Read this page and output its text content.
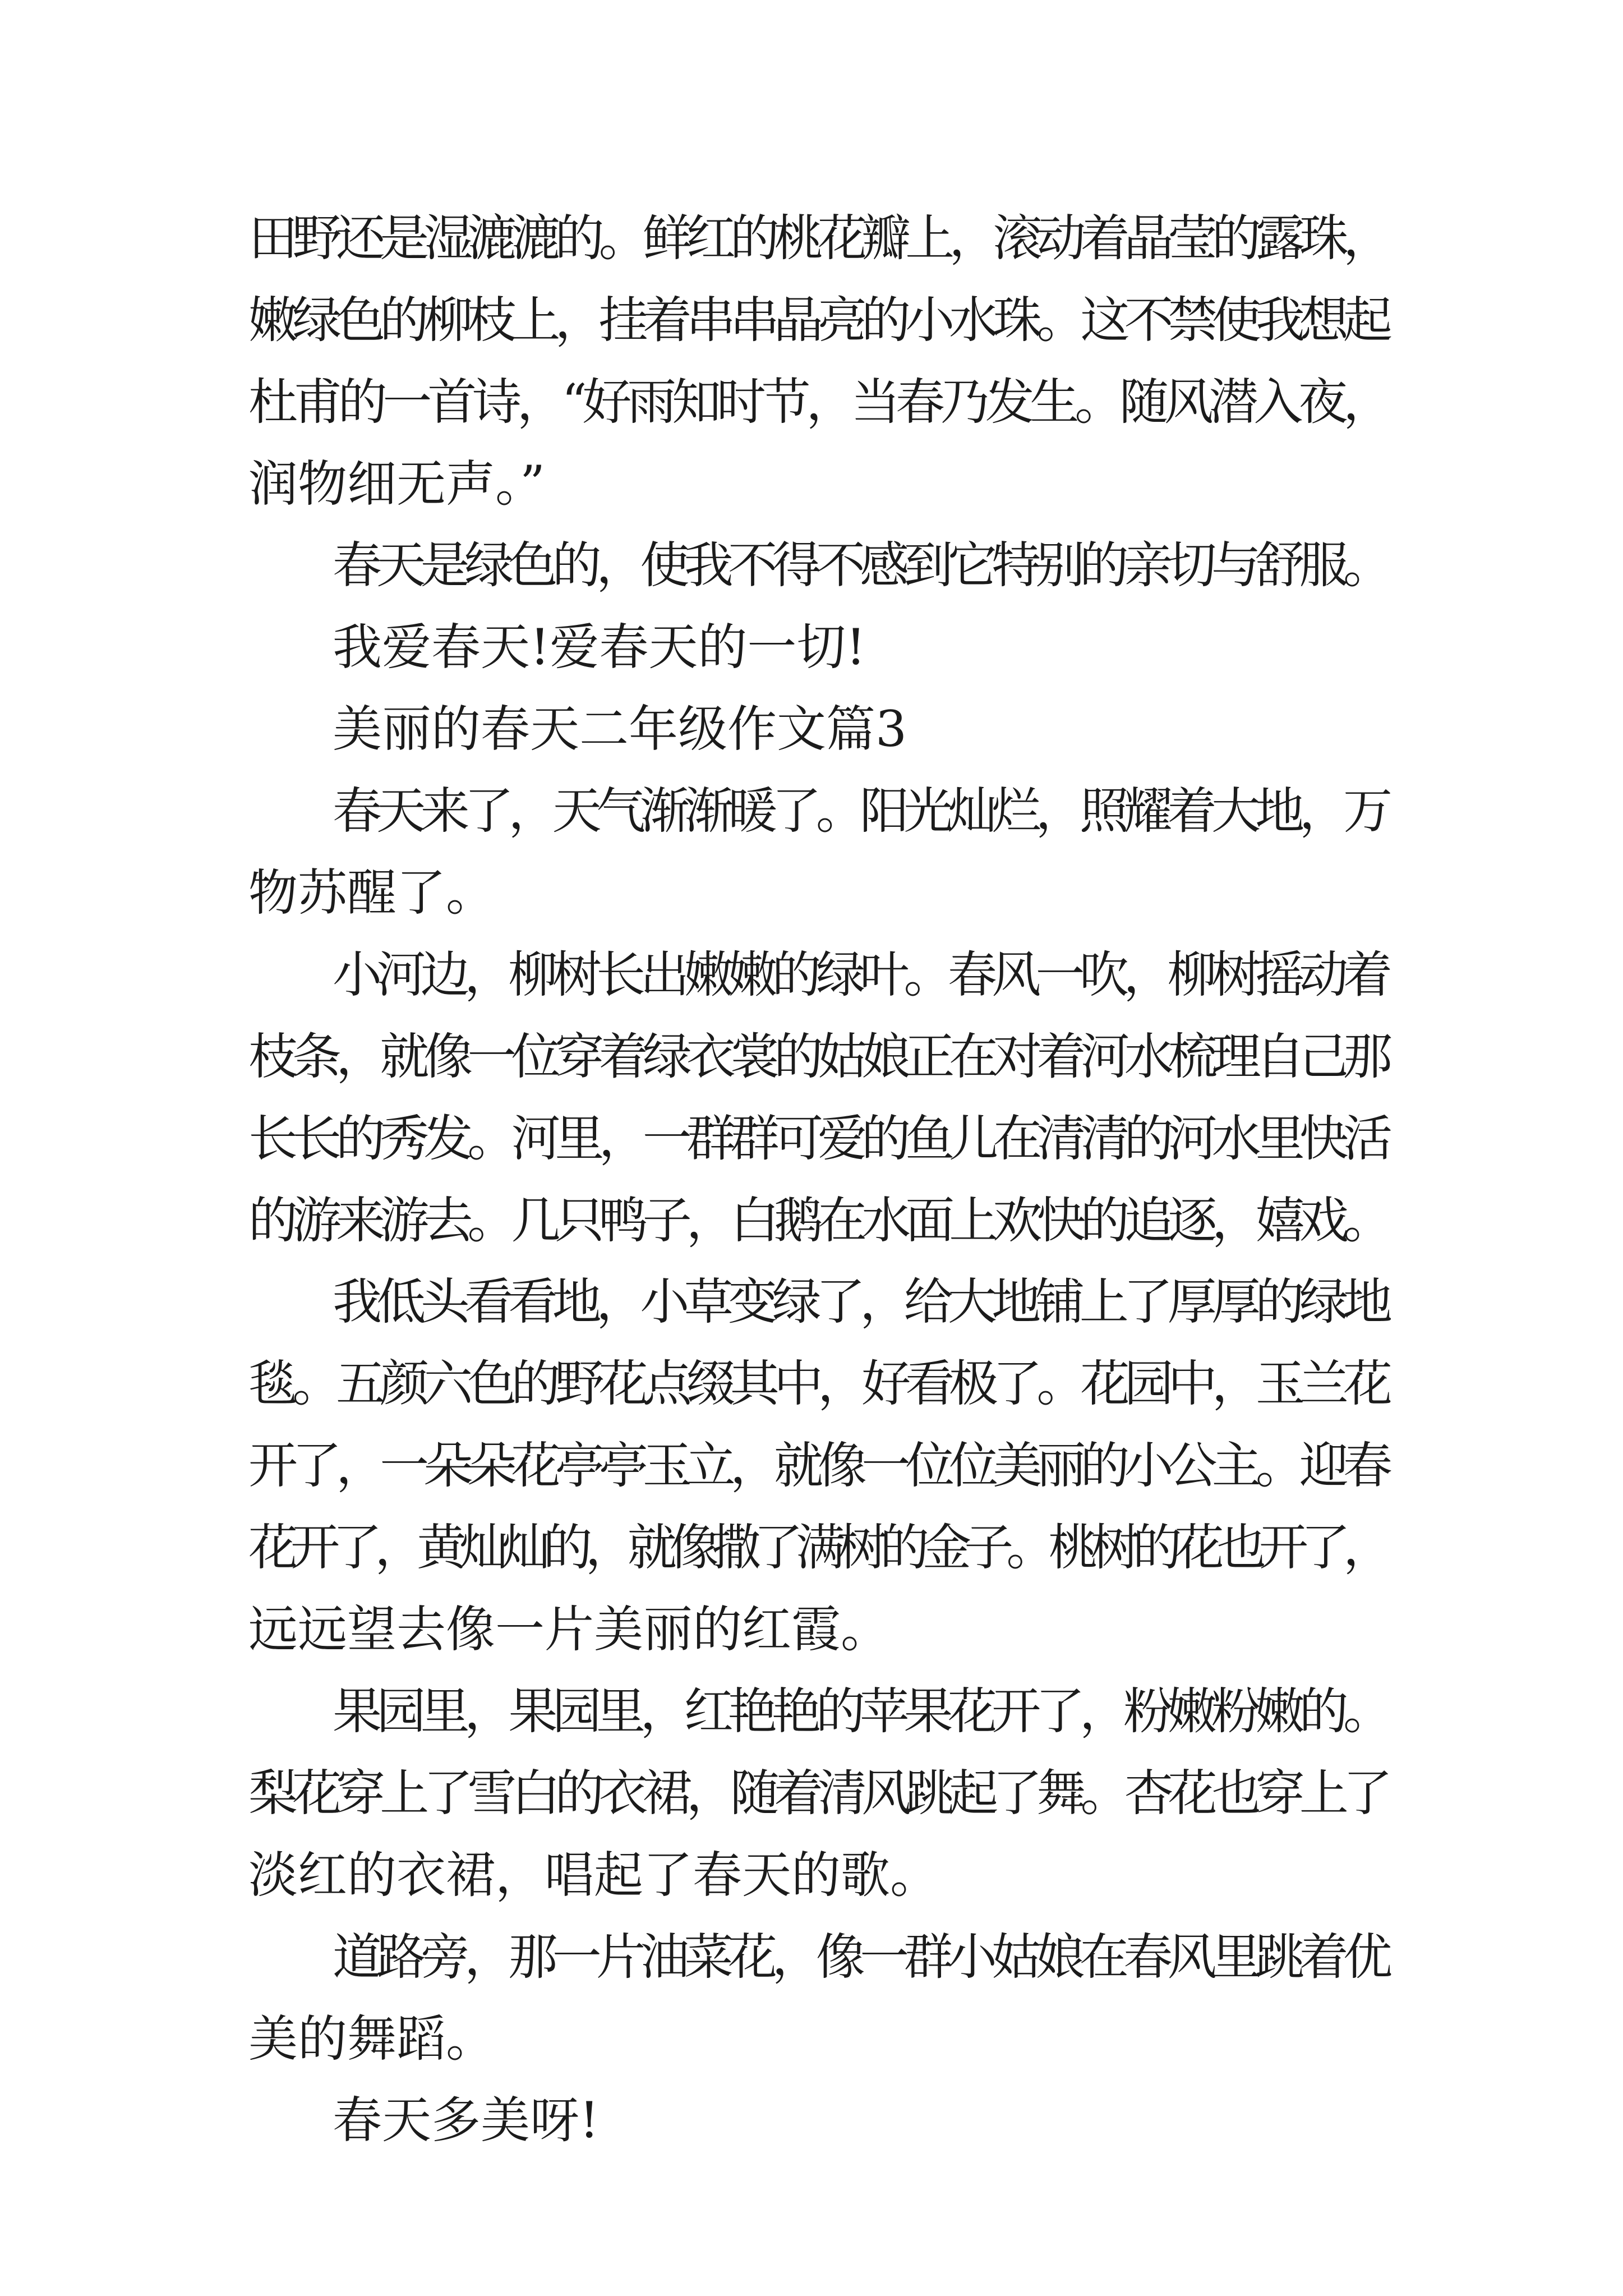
田野还是湿漉漉的。鲜红的桃花瓣上，滚动着晶莹的露珠，

嫩绿色的柳枝上，挂着串串晶亮的小水珠。这不禁使我想起

杜甫的一首诗，“好雨知时节，当春乃发生。随风潜入夜，

润物细无声。”

春天是绿色的，使我不得不感到它特别的亲切与舒服。

我爱春天!爱春天的一切!

美丽的春天二年级作文篇3

春天来了，天气渐渐暖了。阳光灿烂，照耀着大地，万

物苏醒了。

小河边，柳树长出嫩嫩的绿叶。春风一吹，柳树摇动着

枝条，就像一位穿着绿衣裳的姑娘正在对着河水梳理自己那

长长的秀发。河里，一群群可爱的鱼儿在清清的河水里快活

的游来游去。几只鸭子，白鹅在水面上欢快的追逐，嬉戏。

我低头看看地，小草变绿了，给大地铺上了厚厚的绿地

毯。五颜六色的野花点缀其中，好看极了。花园中，玉兰花

开了，一朵朵花亭亭玉立，就像一位位美丽的小公主。迎春

花开了，黄灿灿的，就像撒了满树的金子。桃树的花也开了，

远远望去像一片美丽的红霞。

果园里，果园里，红艳艳的苹果花开了，粉嫩粉嫩的。

梨花穿上了雪白的衣裙，随着清风跳起了舞。杏花也穿上了

淡红的衣裙，唱起了春天的歌。

道路旁，那一片油菜花，像一群小姑娘在春风里跳着优

美的舞蹈。

春天多美呀!
